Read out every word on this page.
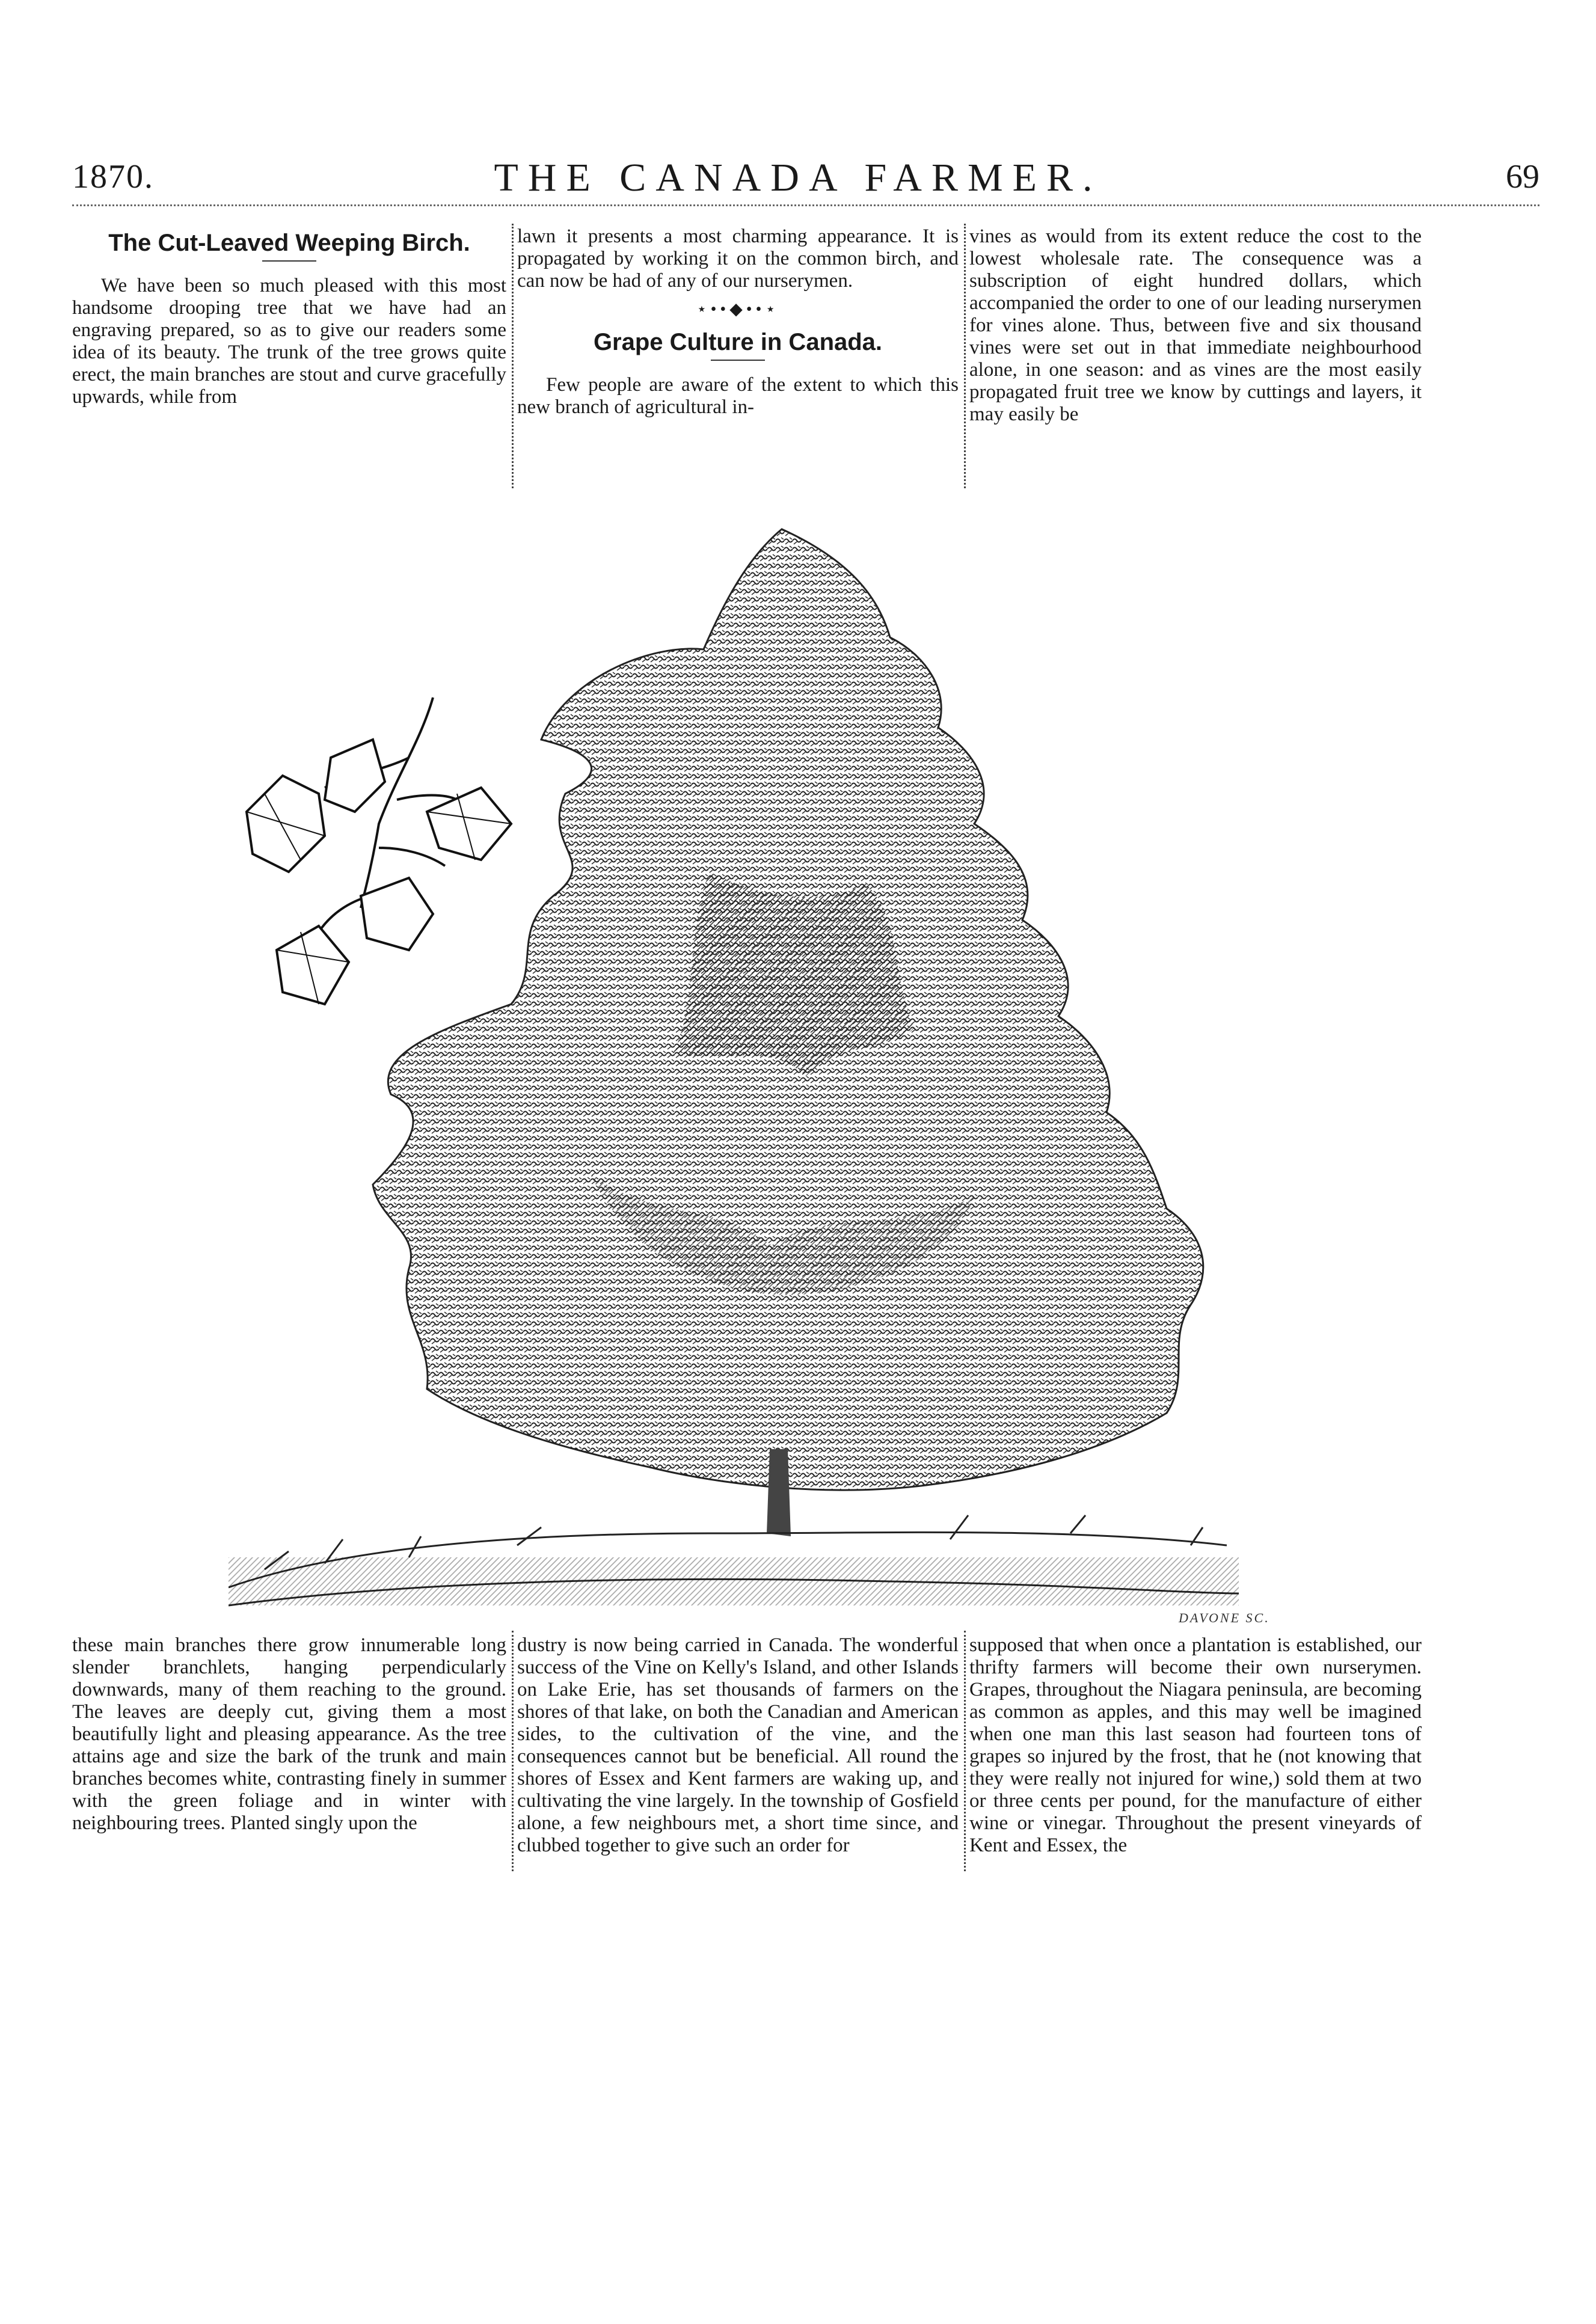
1870.	THE CANADA FARMER.	69
The Cut-Leaved Weeping Birch.

We have been so much pleased with this most handsome drooping tree that we have had an engraving prepared, so as to give our readers some idea of its beauty. The trunk of the tree grows quite erect, the main branches are stout and curve gracefully upwards, while from

lawn it presents a most charming appearance. It is propagated by working it on the common birch, and can now be had of any of our nurserymen.

⋆••◆••⋆
Grape Culture in Canada.

Few people are aware of the extent to which this new branch of agricultural in-

vines as would from its extent reduce the cost to the lowest wholesale rate. The consequence was a subscription of eight hundred dollars, which accompanied the order to one of our leading nurserymen for vines alone. Thus, between five and six thousand vines were set out in that immediate neighbourhood alone, in one season: and as vines are the most easily propagated fruit tree we know by cuttings and layers, it may easily be

DAVONE SC.

these main branches there grow innumerable long slender branchlets, hanging perpendicularly downwards, many of them reaching to the ground. The leaves are deeply cut, giving them a most beautifully light and pleasing appearance. As the tree attains age and size the bark of the trunk and main branches becomes white, contrasting finely in summer with the green foliage and in winter with neighbouring trees. Planted singly upon the

dustry is now being carried in Canada. The wonderful success of the Vine on Kelly's Island, and other Islands on Lake Erie, has set thousands of farmers on the shores of that lake, on both the Canadian and American sides, to the cultivation of the vine, and the consequences cannot but be beneficial. All round the shores of Essex and Kent farmers are waking up, and cultivating the vine largely. In the township of Gosfield alone, a few neighbours met, a short time since, and clubbed together to give such an order for

supposed that when once a plantation is established, our thrifty farmers will become their own nurserymen. Grapes, throughout the Niagara peninsula, are becoming as common as apples, and this may well be imagined when one man this last season had fourteen tons of grapes so injured by the frost, that he (not knowing that they were really not injured for wine,) sold them at two or three cents per pound, for the manufacture of either wine or vinegar. Throughout the present vineyards of Kent and Essex, the
